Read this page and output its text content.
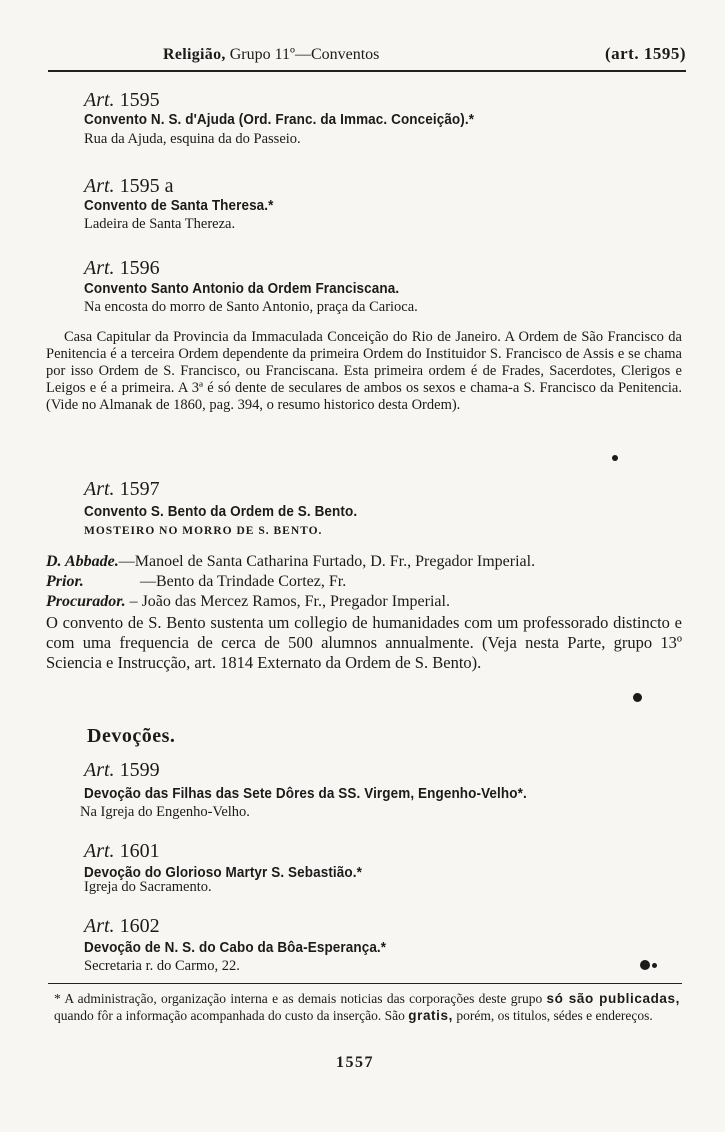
Religião, Grupo 11º—Conventos	(art. 1595)
Art. 1595
Convento N. S. d'Ajuda (Ord. Franc. da Immac. Conceição).*
Rua da Ajuda, esquina da do Passeio.
Art. 1595 a
Convento de Santa Theresa.*
Ladeira de Santa Thereza.
Art. 1596
Convento Santo Antonio da Ordem Franciscana.
Na encosta do morro de Santo Antonio, praça da Carioca.
Casa Capitular da Provincia da Immaculada Conceição do Rio de Janeiro. A Ordem de São Francisco da Penitencia é a terceira Ordem dependente da primeira Ordem do Instituidor S. Francisco de Assis e se chama por isso Ordem de S. Francisco, ou Franciscana. Esta primeira ordem é de Frades, Sacerdotes, Clerigos e Leigos e é a primeira. A 3ª é só dente de seculares de ambos os sexos e chama-a S. Francisco da Penitencia. (Vide no Almanak de 1860, pag. 394, o resumo historico desta Ordem).
Art. 1597
Convento S. Bento da Ordem de S. Bento.
MOSTEIRO NO MORRO DE S. BENTO.
D. Abbade.—Manoel de Santa Catharina Furtado, D. Fr., Pregador Imperial.
Prior.	—Bento da Trindade Cortez, Fr.
Procurador. – João das Mercez Ramos, Fr., Pregador Imperial.
O convento de S. Bento sustenta um collegio de humanidades com um professorado distincto e com uma frequencia de cerca de 500 alumnos annualmente. (Veja nesta Parte, grupo 13º Sciencia e Instrucção, art. 1814 Externato da Ordem de S. Bento).
Devoções.
Art. 1599
Devoção das Filhas das Sete Dôres da SS. Virgem, Engenho-Velho*.
Na Igreja do Engenho-Velho.
Art. 1601
Devoção do Glorioso Martyr S. Sebastião.*
Igreja do Sacramento.
Art. 1602
Devoção de N. S. do Cabo da Bôa-Esperança.*
Secretaria r. do Carmo, 22.
* A administração, organização interna e as demais noticias das corporações deste grupo só são publicadas, quando fôr a informação acompanhada do custo da inserção. São gratis, porém, os titulos, sédes e endereços.
1557
